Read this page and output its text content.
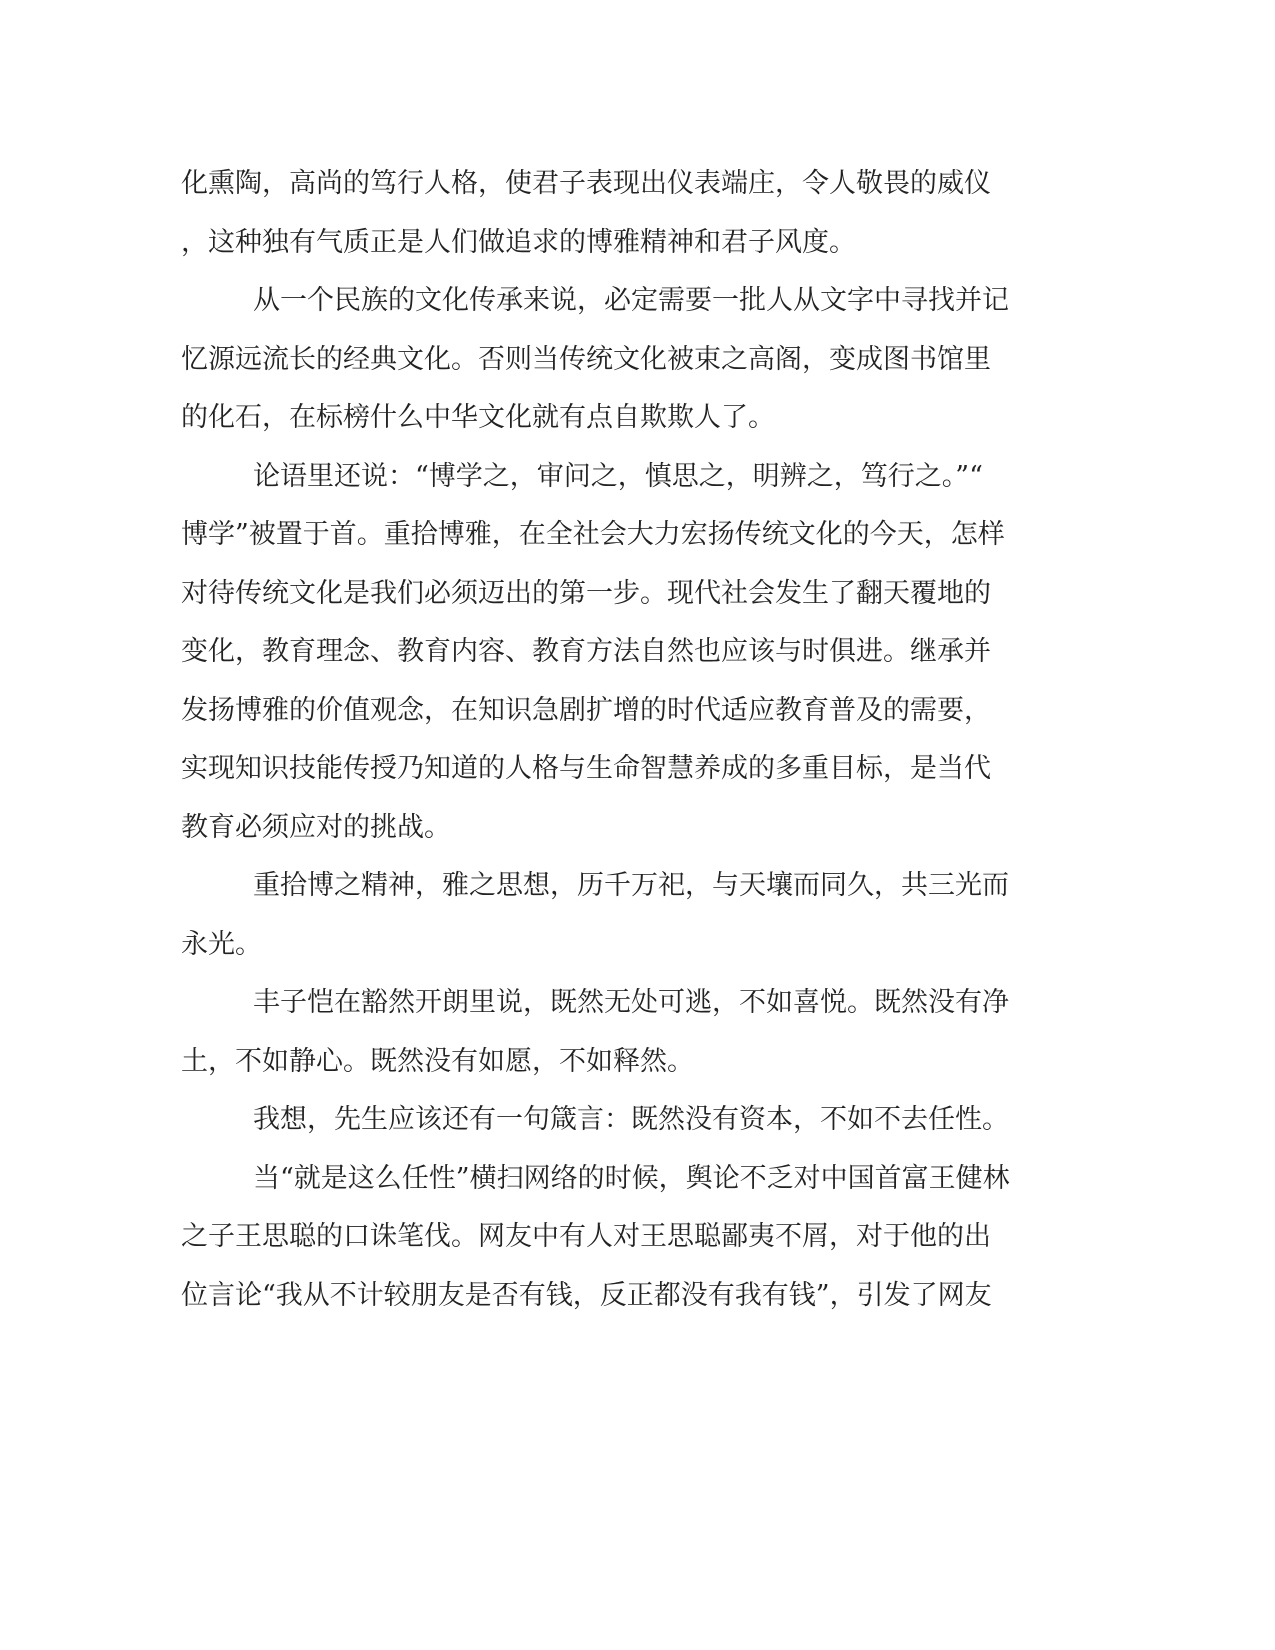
化熏陶，高尚的笃行人格，使君子表现出仪表端庄，令人敬畏的威仪
，这种独有气质正是人们做追求的博雅精神和君子风度。
从一个民族的文化传承来说，必定需要一批人从文字中寻找并记
忆源远流长的经典文化。否则当传统文化被束之高阁，变成图书馆里
的化石，在标榜什么中华文化就有点自欺欺人了。
论语里还说：“博学之，审问之，慎思之，明辨之，笃行之。”“
博学”被置于首。重拾博雅，在全社会大力宏扬传统文化的今天，怎样
对待传统文化是我们必须迈出的第一步。现代社会发生了翻天覆地的
变化，教育理念、教育内容、教育方法自然也应该与时俱进。继承并
发扬博雅的价值观念，在知识急剧扩增的时代适应教育普及的需要，
实现知识技能传授乃知道的人格与生命智慧养成的多重目标，是当代
教育必须应对的挑战。
重拾博之精神，雅之思想，历千万祀，与天壤而同久，共三光而
永光。
丰子恺在豁然开朗里说，既然无处可逃，不如喜悦。既然没有净
土，不如静心。既然没有如愿，不如释然。
我想，先生应该还有一句箴言：既然没有资本，不如不去任性。
当“就是这么任性”横扫网络的时候，舆论不乏对中国首富王健林
之子王思聪的口诛笔伐。网友中有人对王思聪鄙夷不屑，对于他的出
位言论“我从不计较朋友是否有钱，反正都没有我有钱”，引发了网友
